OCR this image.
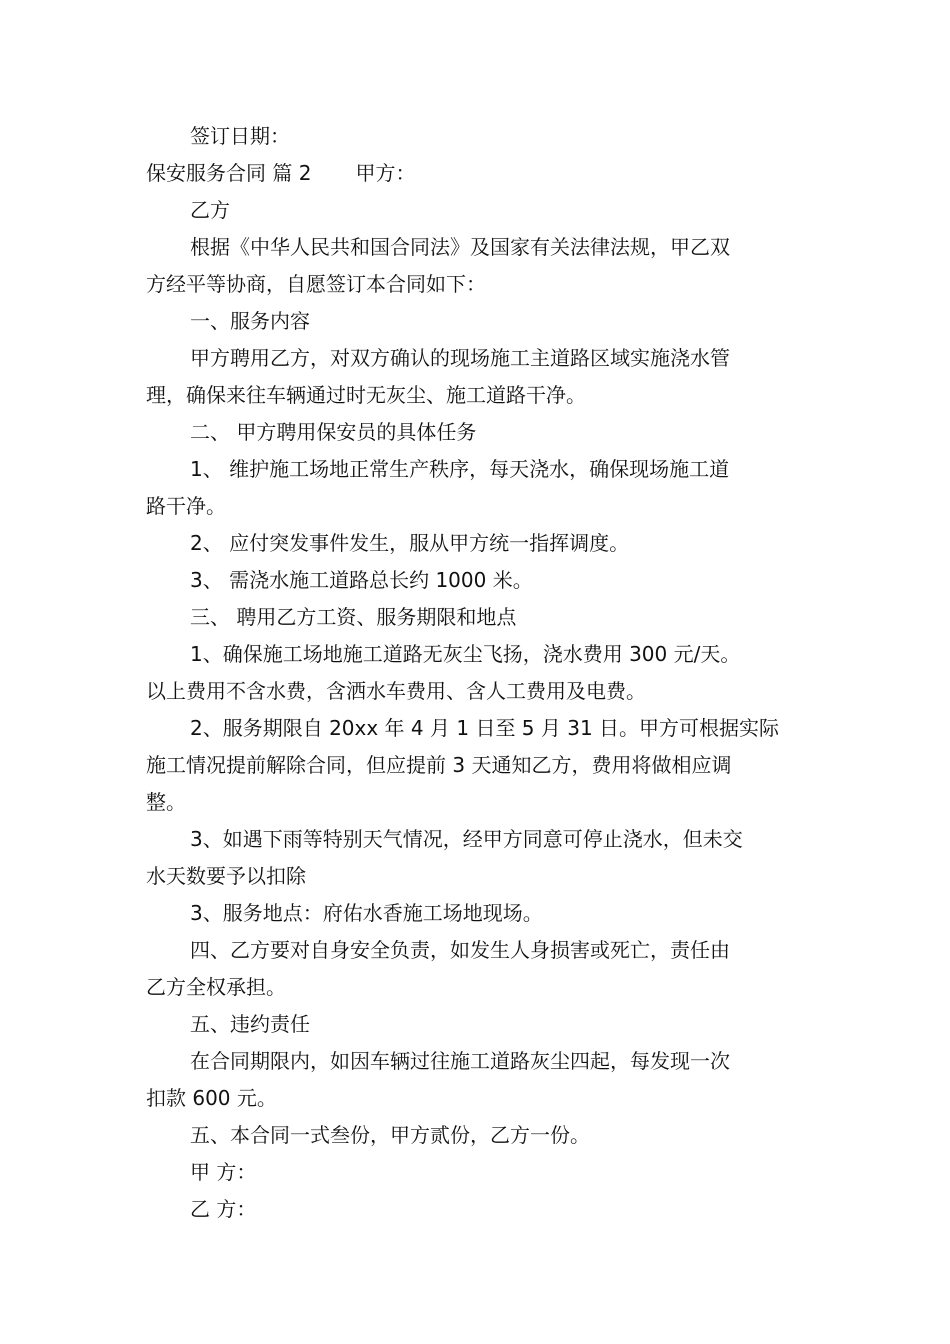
签订日期：
保安服务合同 篇 2 甲方：
乙方
根据《中华人民共和国合同法》及国家有关法律法规，甲乙双
方经平等协商，自愿签订本合同如下：
一、服务内容
甲方聘用乙方，对双方确认的现场施工主道路区域实施浇水管
理，确保来往车辆通过时无灰尘、施工道路干净。
二、 甲方聘用保安员的具体任务
1、 维护施工场地正常生产秩序，每天浇水，确保现场施工道
路干净。
2、 应付突发事件发生，服从甲方统一指挥调度。
3、 需浇水施工道路总长约 1000 米。
三、 聘用乙方工资、服务期限和地点
1、确保施工场地施工道路无灰尘飞扬，浇水费用 300 元/天。
以上费用不含水费，含洒水车费用、含人工费用及电费。
2、服务期限自 20xx 年 4 月 1 日至 5 月 31 日。甲方可根据实际
施工情况提前解除合同，但应提前 3 天通知乙方，费用将做相应调
整。
3、如遇下雨等特别天气情况，经甲方同意可停止浇水，但未交
水天数要予以扣除
3、服务地点：府佑水香施工场地现场。
四、乙方要对自身安全负责，如发生人身损害或死亡，责任由
乙方全权承担。
五、违约责任
在合同期限内，如因车辆过往施工道路灰尘四起，每发现一次
扣款 600 元。
五、本合同一式叁份，甲方贰份，乙方一份。
甲 方：
乙 方：
